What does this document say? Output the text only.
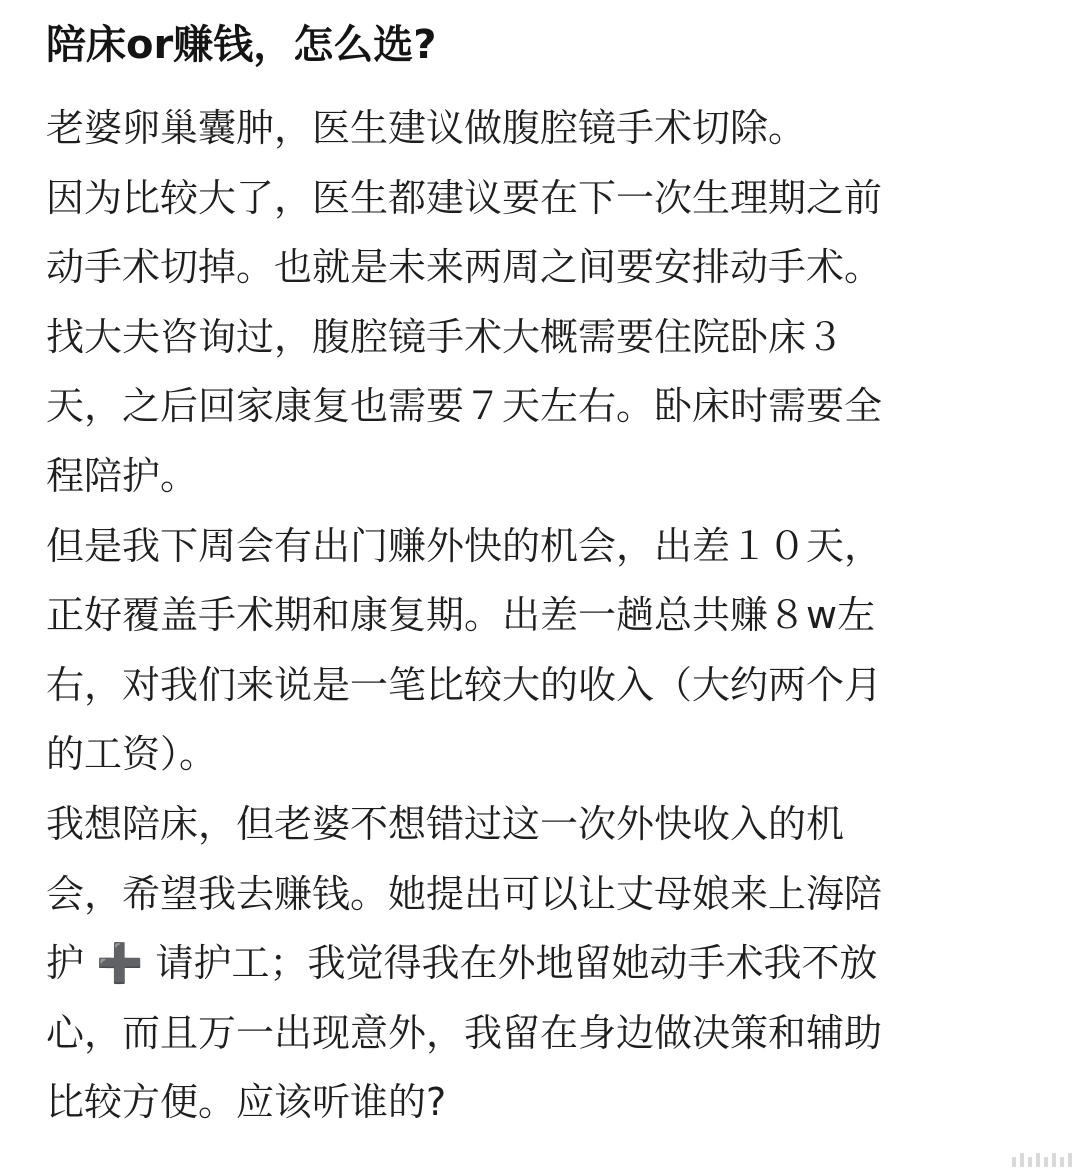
陪床or赚钱，怎么选?
老婆卵巢囊肿，医生建议做腹腔镜手术切除。
因为比较大了，医生都建议要在下一次生理期之前
动手术切掉。也就是未来两周之间要安排动手术。
找大夫咨询过，腹腔镜手术大概需要住院卧床３
天，之后回家康复也需要７天左右。卧床时需要全
程陪护。
但是我下周会有出门赚外快的机会，出差１０天，
正好覆盖手术期和康复期。出差一趟总共赚８w左
右，对我们来说是一笔比较大的收入（大约两个月
的工资）。
我想陪床，但老婆不想错过这一次外快收入的机
会，希望我去赚钱。她提出可以让丈母娘来上海陪
护 ➕ 请护工；我觉得我在外地留她动手术我不放
心，而且万一出现意外，我留在身边做决策和辅助
比较方便。应该听谁的?
